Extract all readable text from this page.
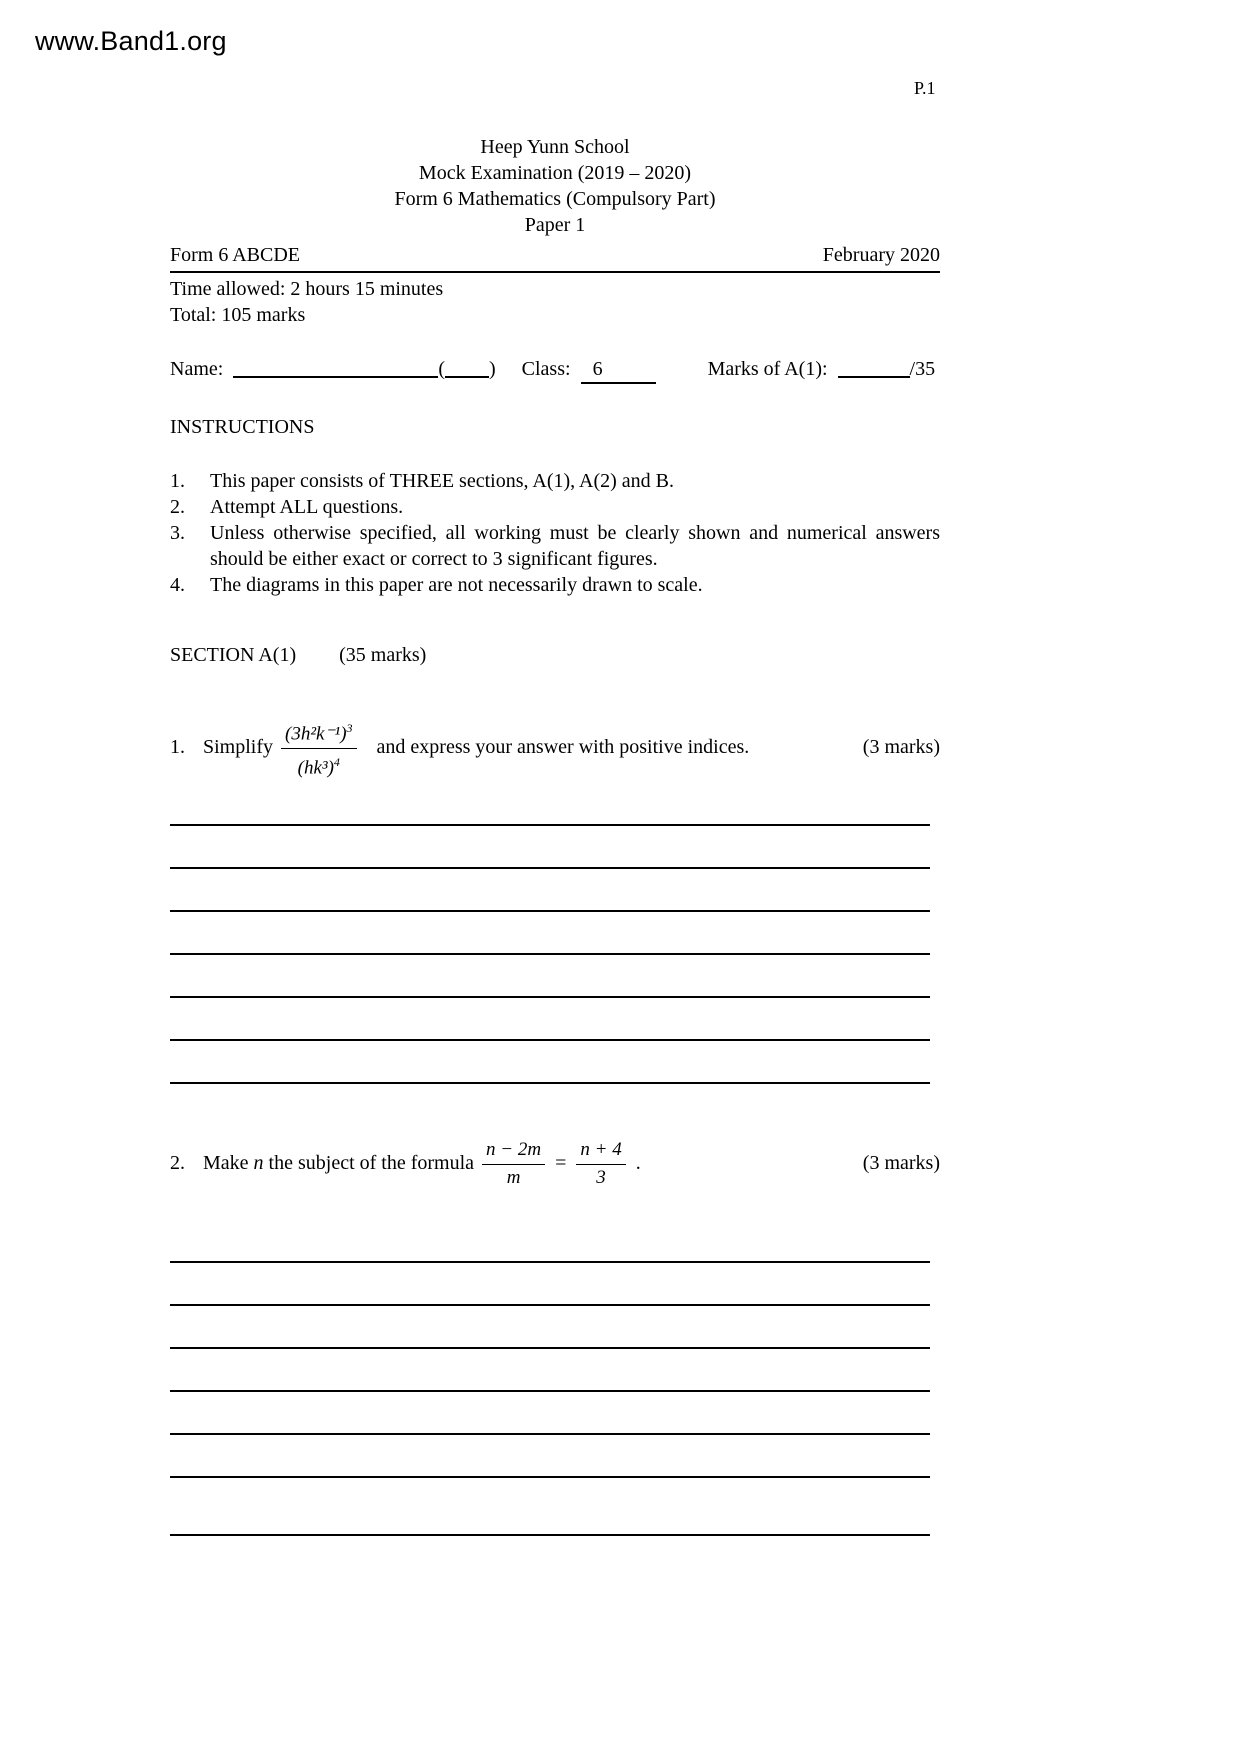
www.Band1.org
P.1
Heep Yunn School
Mock Examination (2019 – 2020)
Form 6 Mathematics (Compulsory Part)
Paper 1
Form 6 ABCDE	February 2020
Time allowed: 2 hours 15 minutes
Total: 105 marks
Name:	( ) Class:	6	Marks of A(1):	/35
INSTRUCTIONS
1.	This paper consists of THREE sections, A(1), A(2) and B.
2.	Attempt ALL questions.
3.	Unless otherwise specified, all working must be clearly shown and numerical answers should be either exact or correct to 3 significant figures.
4.	The diagrams in this paper are not necessarily drawn to scale.
SECTION A(1) (35 marks)
1. Simplify $\frac{(3h^2k^{-1})^3}{(hk^3)^4}$ and express your answer with positive indices.	(3 marks)
2. Make n the subject of the formula $\frac{n - 2m}{m} = \frac{n + 4}{3}$ .	(3 marks)
